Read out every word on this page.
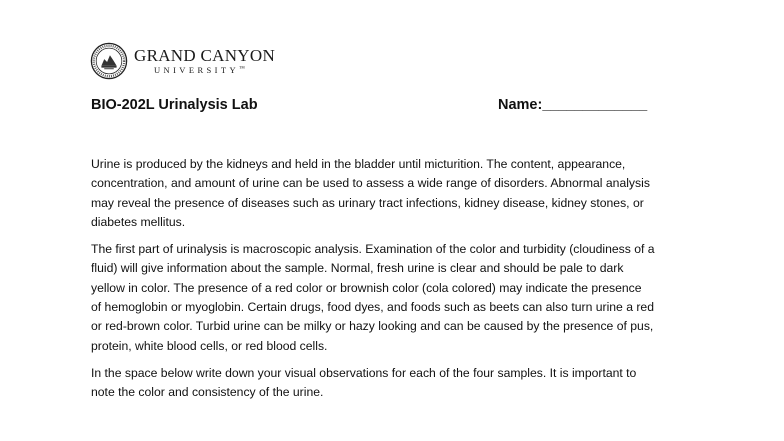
GRAND CANYON
UNIVERSITY™
BIO-202L Urinalysis Lab	Name:_____________

Urine is produced by the kidneys and held in the bladder until micturition. The content, appearance,
concentration, and amount of urine can be used to assess a wide range of disorders. Abnormal analysis
may reveal the presence of diseases such as urinary tract infections, kidney disease, kidney stones, or
diabetes mellitus.

The first part of urinalysis is macroscopic analysis. Examination of the color and turbidity (cloudiness of a
fluid) will give information about the sample. Normal, fresh urine is clear and should be pale to dark
yellow in color. The presence of a red color or brownish color (cola colored) may indicate the presence
of hemoglobin or myoglobin. Certain drugs, food dyes, and foods such as beets can also turn urine a red
or red-brown color. Turbid urine can be milky or hazy looking and can be caused by the presence of pus,
protein, white blood cells, or red blood cells.

In the space below write down your visual observations for each of the four samples. It is important to
note the color and consistency of the urine.
